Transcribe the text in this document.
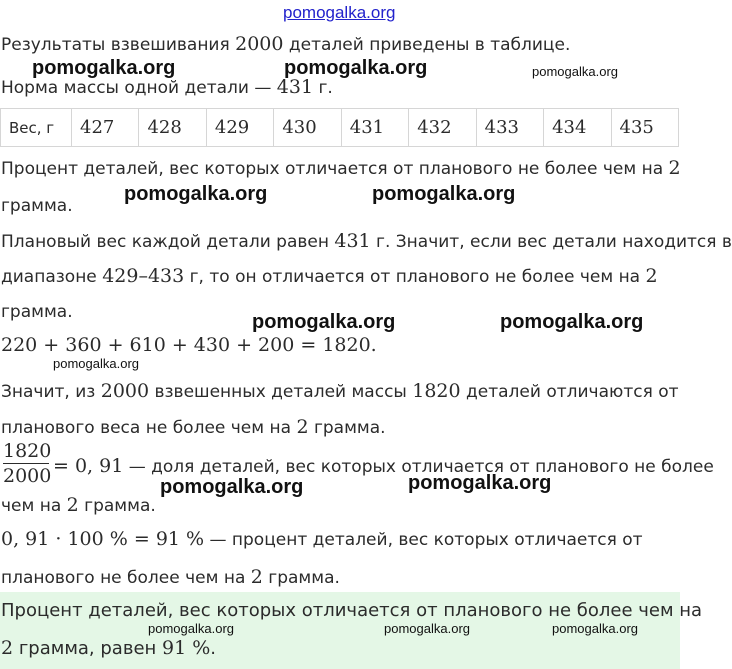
pomogalka.org
Результаты взвешивания 2000 деталей приведены в таблице.
Норма массы одной детали — 431 г.
Вес, г	427	428	429	430	431	432	433	434	435
Процент деталей, вес которых отличается от планового не более чем на 2
грамма.
Плановый вес каждой детали равен 431 г. Значит, если вес детали находится в
диапазоне 429–433 г, то он отличается от планового не более чем на 2
грамма.
220 + 360 + 610 + 430 + 200 = 1820.
Значит, из 2000 взвешенных деталей массы 1820 деталей отличаются от
планового веса не более чем на 2 грамма.
1820
2000 = 0, 91 — доля деталей, вес которых отличается от планового не более
чем на 2 грамма.
0, 91 · 100 % = 91 % — процент деталей, вес которых отличается от
планового не более чем на 2 грамма.
Процент деталей, вес которых отличается от планового не более чем на
2 грамма, равен 91 %.
pomogalka.org	pomogalka.org	pomogalka.org
pomogalka.org	pomogalka.org
pomogalka.org	pomogalka.org
pomogalka.org
pomogalka.org	pomogalka.org
pomogalka.org	pomogalka.org	pomogalka.org
